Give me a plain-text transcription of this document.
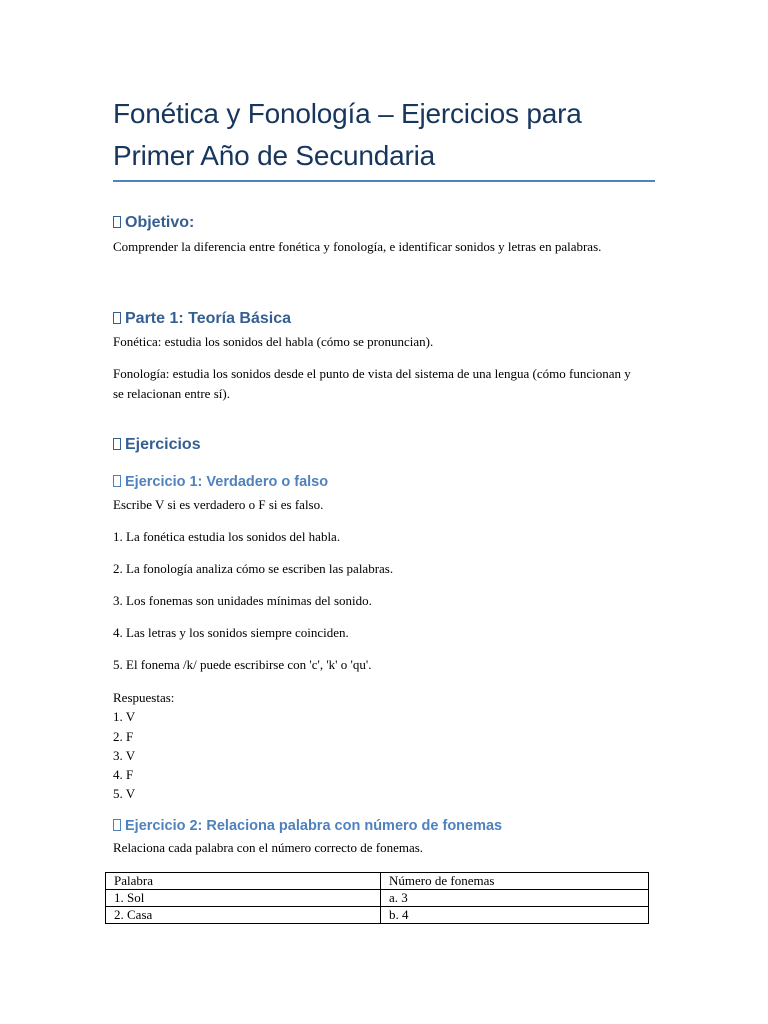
Fonética y Fonología – Ejercicios para Primer Año de Secundaria
Objetivo:

Comprender la diferencia entre fonética y fonología, e identificar sonidos y letras en palabras.

Parte 1: Teoría Básica

Fonética: estudia los sonidos del habla (cómo se pronuncian).

Fonología: estudia los sonidos desde el punto de vista del sistema de una lengua (cómo funcionan y se relacionan entre sí).

Ejercicios
Ejercicio 1: Verdadero o falso

Escribe V si es verdadero o F si es falso.

1. La fonética estudia los sonidos del habla.

2. La fonología analiza cómo se escriben las palabras.

3. Los fonemas son unidades mínimas del sonido.

4. Las letras y los sonidos siempre coinciden.

5. El fonema /k/ puede escribirse con 'c', 'k' o 'qu'.

Respuestas:
1. V
2. F
3. V
4. F
5. V
Ejercicio 2: Relaciona palabra con número de fonemas

Relaciona cada palabra con el número correcto de fonemas.

Palabra	Número de fonemas
1. Sol	a. 3
2. Casa	b. 4
